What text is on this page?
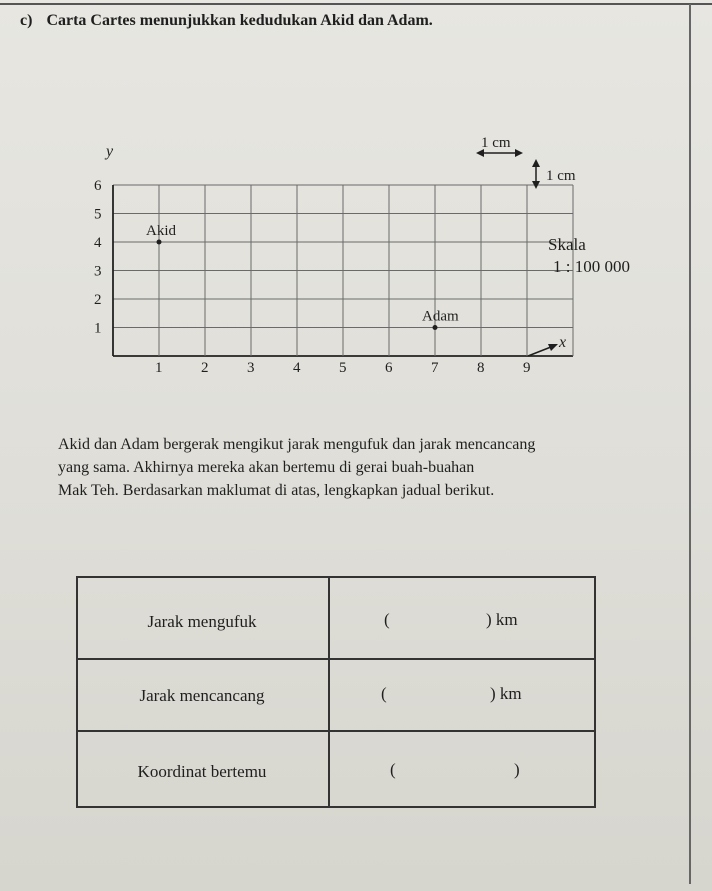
c) Carta Cartes menunjukkan kedudukan Akid dan Adam.
1
2
3
4
5
6
1	2	3	4	5	6	7	8	9
y
x
1 cm
1 cm
Skala
1 : 100 000
Akid
Adam
Akid dan Adam bergerak mengikut jarak mengufuk dan jarak mencancang
yang sama. Akhirnya mereka akan bertemu di gerai buah-buahan
Mak Teh. Berdasarkan maklumat di atas, lengkapkan jadual berikut.
Jarak mengufuk	(	) km
Jarak mencancang	(	) km
Koordinat bertemu	(	)
